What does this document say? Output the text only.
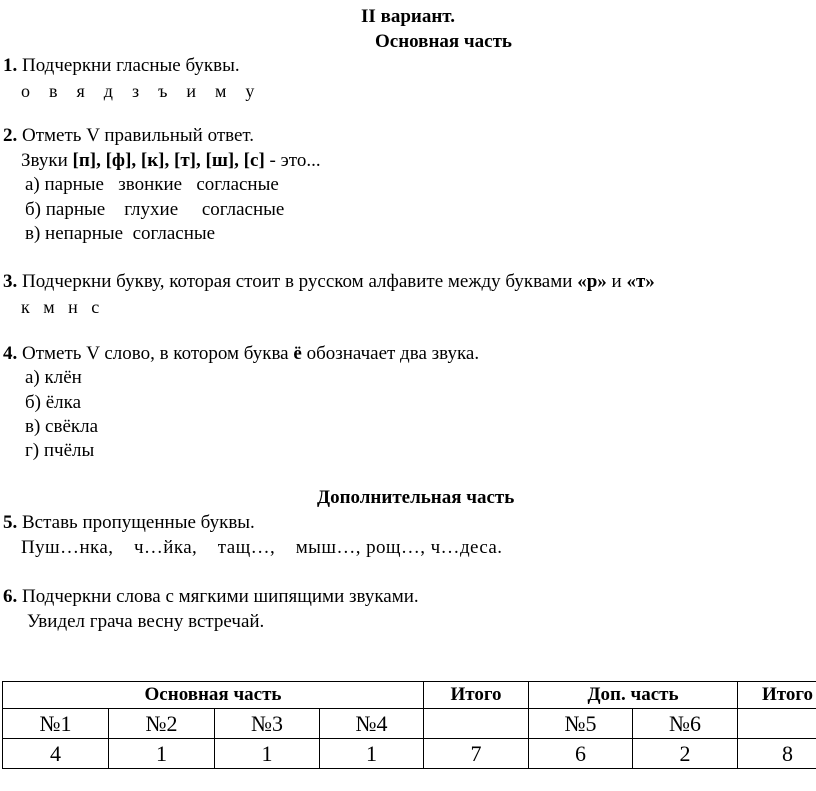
II вариант.
Основная часть
1. Подчеркни гласные буквы.
о в я д з ъ и м у
2. Отметь V правильный ответ.
Звуки [п], [ф], [к], [т], [ш], [с] - это...
а) парные   звонкие   согласные
б) парные    глухие     согласные
в) непарные  согласные
3. Подчеркни букву, которая стоит в русском алфавите между буквами «р» и «т»
к   м   н   с
4. Отметь V слово, в котором буква ё обозначает два звука.
а) клён
б) ёлка
в) свёкла
г) пчёлы
Дополнительная часть
5. Вставь пропущенные буквы.
Пуш…нка,    ч…йка,    тащ…,    мыш…, рощ…, ч…деса.
6. Подчеркни слова с мягкими шипящими звуками.
Увидел грача весну встречай.
Основная часть				Итого	Доп. часть		Итого
№1	№2	№3	№4		№5	№6	
4	1	1	1	7	6	2	8
